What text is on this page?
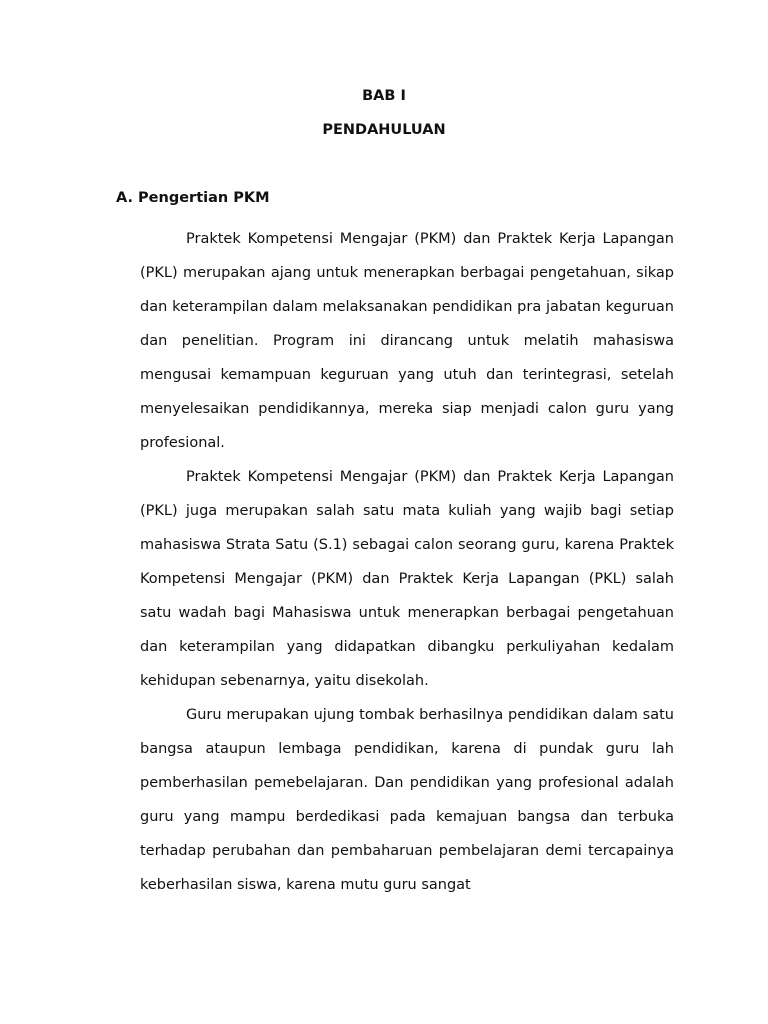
BAB I
PENDAHULUAN
A. Pengertian PKM

Praktek Kompetensi Mengajar (PKM) dan Praktek Kerja Lapangan (PKL) merupakan ajang untuk menerapkan berbagai pengetahuan, sikap dan keterampilan dalam melaksanakan pendidikan pra jabatan keguruan dan penelitian. Program ini dirancang untuk melatih mahasiswa mengusai kemampuan keguruan yang utuh dan terintegrasi, setelah menyelesaikan pendidikannya, mereka siap menjadi calon guru yang profesional.

Praktek Kompetensi Mengajar (PKM) dan Praktek Kerja Lapangan (PKL) juga merupakan salah satu mata kuliah yang wajib bagi setiap mahasiswa Strata Satu (S.1) sebagai calon seorang guru, karena Praktek Kompetensi Mengajar (PKM) dan Praktek Kerja Lapangan (PKL) salah satu wadah bagi Mahasiswa untuk menerapkan berbagai pengetahuan dan keterampilan yang didapatkan dibangku perkuliyahan kedalam kehidupan sebenarnya, yaitu disekolah.

Guru merupakan ujung tombak berhasilnya pendidikan dalam satu bangsa ataupun lembaga pendidikan, karena di pundak guru lah pemberhasilan pemebelajaran. Dan pendidikan yang profesional adalah guru yang mampu berdedikasi pada kemajuan bangsa dan terbuka terhadap perubahan dan pembaharuan pembelajaran demi tercapainya keberhasilan siswa, karena mutu guru sangat
